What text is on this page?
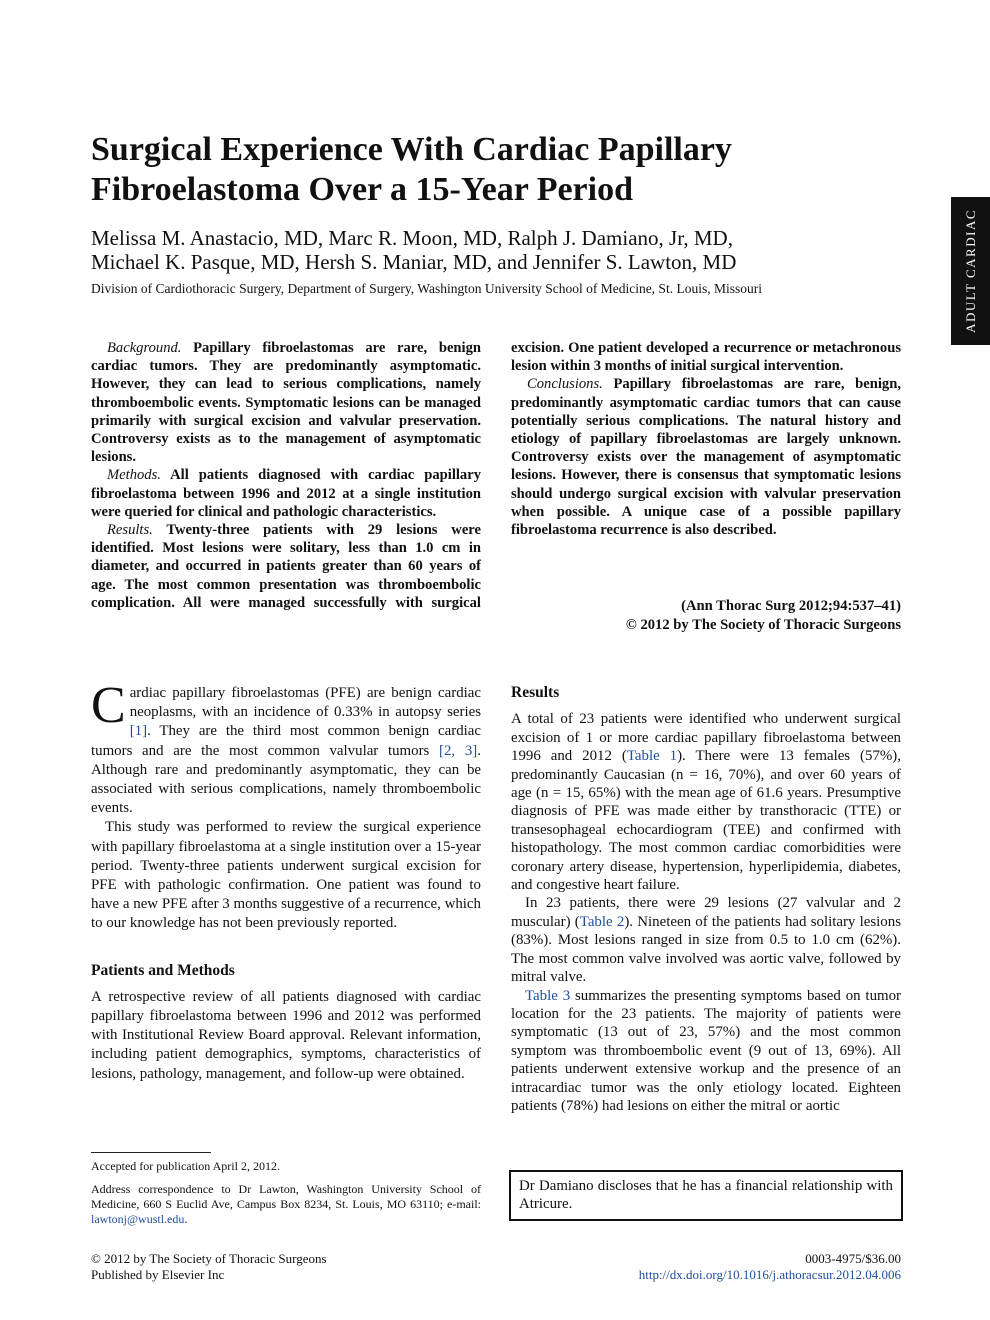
Surgical Experience With Cardiac Papillary
Fibroelastoma Over a 15-Year Period
Melissa M. Anastacio, MD, Marc R. Moon, MD, Ralph J. Damiano, Jr, MD,
Michael K. Pasque, MD, Hersh S. Maniar, MD, and Jennifer S. Lawton, MD
Division of Cardiothoracic Surgery, Department of Surgery, Washington University School of Medicine, St. Louis, Missouri	ADULT CARDIAC

Background. Papillary fibroelastomas are rare, benign cardiac tumors. They are predominantly asymptomatic. However, they can lead to serious complications, namely thromboembolic events. Symptomatic lesions can be managed primarily with surgical excision and valvular preservation. Controversy exists as to the management of asymptomatic lesions.

Methods. All patients diagnosed with cardiac papillary fibroelastoma between 1996 and 2012 at a single institution were queried for clinical and pathologic characteristics.

Results. Twenty-three patients with 29 lesions were identified. Most lesions were solitary, less than 1.0 cm in diameter, and occurred in patients greater than 60 years of age. The most common presentation was thromboembolic complication. All were managed successfully with surgical excision. One patient developed a recurrence or metachronous lesion within 3 months of initial surgical intervention.

Conclusions. Papillary fibroelastomas are rare, benign, predominantly asymptomatic cardiac tumors that can cause potentially serious complications. The natural history and etiology of papillary fibroelastomas are largely unknown. Controversy exists over the management of asymptomatic lesions. However, there is consensus that symptomatic lesions should undergo surgical excision with valvular preservation when possible. A unique case of a possible papillary fibroelastoma recurrence is also described.

(Ann Thorac Surg 2012;94:537–41)
© 2012 by The Society of Thoracic Surgeons

Cardiac papillary fibroelastomas (PFE) are benign cardiac neoplasms, with an incidence of 0.33% in autopsy series [1]. They are the third most common benign cardiac tumors and are the most common valvular tumors [2, 3]. Although rare and predominantly asymptomatic, they can be associated with serious complications, namely thromboembolic events.

This study was performed to review the surgical experience with papillary fibroelastoma at a single institution over a 15-year period. Twenty-three patients underwent surgical excision for PFE with pathologic confirmation. One patient was found to have a new PFE after 3 months suggestive of a recurrence, which to our knowledge has not been previously reported.

Patients and Methods

A retrospective review of all patients diagnosed with cardiac papillary fibroelastoma between 1996 and 2012 was performed with Institutional Review Board approval. Relevant information, including patient demographics, symptoms, characteristics of lesions, pathology, management, and follow-up were obtained.

Results

A total of 23 patients were identified who underwent surgical excision of 1 or more cardiac papillary fibroelastoma between 1996 and 2012 (Table 1). There were 13 females (57%), predominantly Caucasian (n = 16, 70%), and over 60 years of age (n = 15, 65%) with the mean age of 61.6 years. Presumptive diagnosis of PFE was made either by transthoracic (TTE) or transesophageal echocardiogram (TEE) and confirmed with histopathology. The most common cardiac comorbidities were coronary artery disease, hypertension, hyperlipidemia, diabetes, and congestive heart failure.

In 23 patients, there were 29 lesions (27 valvular and 2 muscular) (Table 2). Nineteen of the patients had solitary lesions (83%). Most lesions ranged in size from 0.5 to 1.0 cm (62%). The most common valve involved was aortic valve, followed by mitral valve.

Table 3 summarizes the presenting symptoms based on tumor location for the 23 patients. The majority of patients were symptomatic (13 out of 23, 57%) and the most common symptom was thromboembolic event (9 out of 13, 69%). All patients underwent extensive workup and the presence of an intracardiac tumor was the only etiology located. Eighteen patients (78%) had lesions on either the mitral or aortic

Accepted for publication April 2, 2012.
Address correspondence to Dr Lawton, Washington University School of Medicine, 660 S Euclid Ave, Campus Box 8234, St. Louis, MO 63110; e-mail: lawtonj@wustl.edu.
Dr Damiano discloses that he has a financial relationship with Atricure.
© 2012 by The Society of Thoracic Surgeons
Published by Elsevier Inc
0003-4975/$36.00
http://dx.doi.org/10.1016/j.athoracsur.2012.04.006
